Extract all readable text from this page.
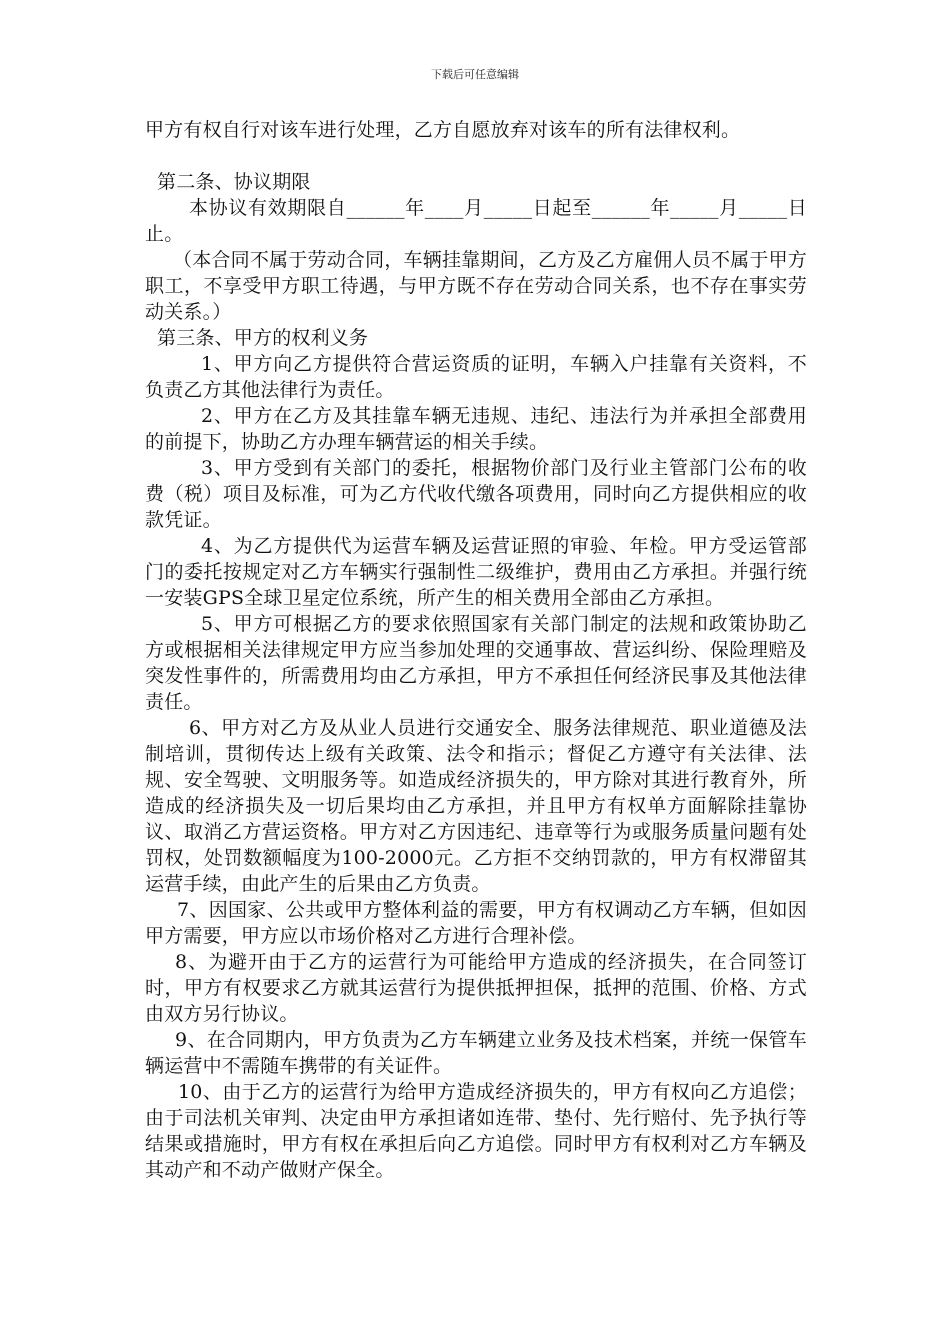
下载后可任意编辑

甲方有权自行对该车进行处理，乙方自愿放弃对该车的所有法律权利。

第二条、协议期限

本协议有效期限自______年____月_____日起至______年_____月_____日止。

（本合同不属于劳动合同，车辆挂靠期间，乙方及乙方雇佣人员不属于甲方职工，不享受甲方职工待遇，与甲方既不存在劳动合同关系，也不存在事实劳动关系。）

第三条、甲方的权利义务

1、甲方向乙方提供符合营运资质的证明，车辆入户挂靠有关资料，不负责乙方其他法律行为责任。

2、甲方在乙方及其挂靠车辆无违规、违纪、违法行为并承担全部费用的前提下，协助乙方办理车辆营运的相关手续。

3、甲方受到有关部门的委托，根据物价部门及行业主管部门公布的收费（税）项目及标准，可为乙方代收代缴各项费用，同时向乙方提供相应的收款凭证。

4、为乙方提供代为运营车辆及运营证照的审验、年检。甲方受运管部门的委托按规定对乙方车辆实行强制性二级维护，费用由乙方承担。并强行统一安装GPS全球卫星定位系统，所产生的相关费用全部由乙方承担。

5、甲方可根据乙方的要求依照国家有关部门制定的法规和政策协助乙方或根据相关法律规定甲方应当参加处理的交通事故、营运纠纷、保险理赔及突发性事件的，所需费用均由乙方承担，甲方不承担任何经济民事及其他法律责任。

6、甲方对乙方及从业人员进行交通安全、服务法律规范、职业道德及法制培训，贯彻传达上级有关政策、法令和指示；督促乙方遵守有关法律、法规、安全驾驶、文明服务等。如造成经济损失的，甲方除对其进行教育外，所造成的经济损失及一切后果均由乙方承担，并且甲方有权单方面解除挂靠协议、取消乙方营运资格。甲方对乙方因违纪、违章等行为或服务质量问题有处罚权，处罚数额幅度为100-2000元。乙方拒不交纳罚款的，甲方有权滞留其运营手续，由此产生的后果由乙方负责。

7、因国家、公共或甲方整体利益的需要，甲方有权调动乙方车辆，但如因甲方需要，甲方应以市场价格对乙方进行合理补偿。

8、为避开由于乙方的运营行为可能给甲方造成的经济损失，在合同签订时，甲方有权要求乙方就其运营行为提供抵押担保，抵押的范围、价格、方式由双方另行协议。

9、在合同期内，甲方负责为乙方车辆建立业务及技术档案，并统一保管车辆运营中不需随车携带的有关证件。

10、由于乙方的运营行为给甲方造成经济损失的，甲方有权向乙方追偿；由于司法机关审判、决定由甲方承担诸如连带、垫付、先行赔付、先予执行等结果或措施时，甲方有权在承担后向乙方追偿。同时甲方有权利对乙方车辆及其动产和不动产做财产保全。
